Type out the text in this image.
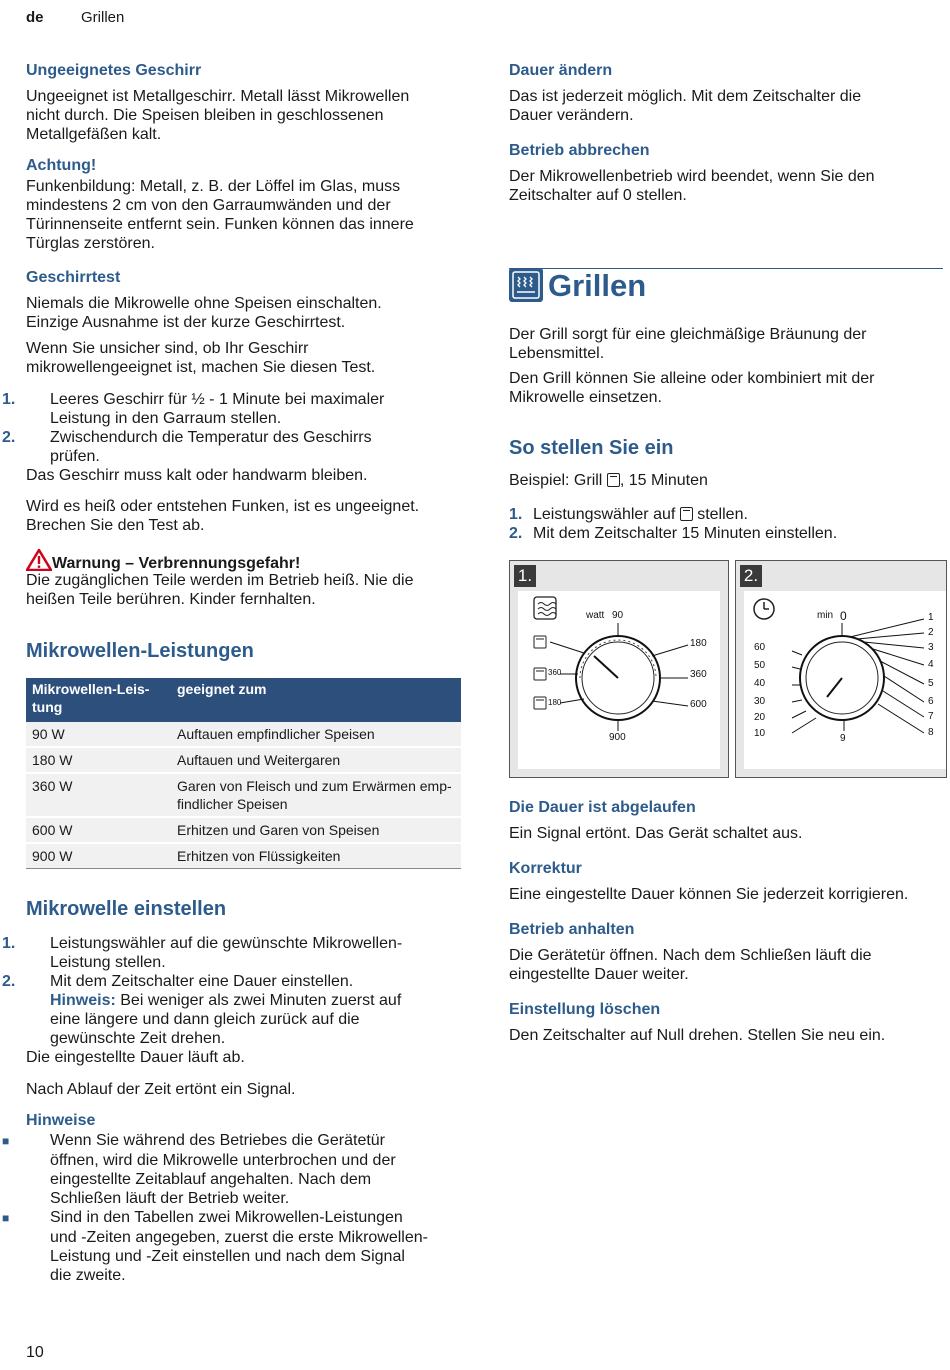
de Grillen
Ungeeignetes Geschirr
Ungeeignet ist Metallgeschirr. Metall lässt Mikrowellen
nicht durch. Die Speisen bleiben in geschlossenen
Metallgefäßen kalt.
Achtung!
Funkenbildung: Metall, z. B. der Löffel im Glas, muss
mindestens 2 cm von den Garraumwänden und der
Türinnenseite entfernt sein. Funken können das innere
Türglas zerstören.
Geschirrtest
Niemals die Mikrowelle ohne Speisen einschalten.
Einzige Ausnahme ist der kurze Geschirrtest.
Wenn Sie unsicher sind, ob Ihr Geschirr
mikrowellengeeignet ist, machen Sie diesen Test.
1. Leeres Geschirr für ½ - 1 Minute bei maximaler
Leistung in den Garraum stellen.
2. Zwischendurch die Temperatur des Geschirrs
prüfen.
Das Geschirr muss kalt oder handwarm bleiben.
Wird es heiß oder entstehen Funken, ist es ungeeignet.
Brechen Sie den Test ab.
Warnung – Verbrennungsgefahr!
Die zugänglichen Teile werden im Betrieb heiß. Nie die
heißen Teile berühren. Kinder fernhalten.
Mikrowellen-Leistungen
Mikrowellen-Leis-
tung	geeignet zum
90 W	Auftauen empfindlicher Speisen
180 W	Auftauen und Weitergaren
360 W	Garen von Fleisch und zum Erwärmen emp-
findlicher Speisen
600 W	Erhitzen und Garen von Speisen
900 W	Erhitzen von Flüssigkeiten
Mikrowelle einstellen
1. Leistungswähler auf die gewünschte Mikrowellen-
Leistung stellen.
2. Mit dem Zeitschalter eine Dauer einstellen.
Hinweis: Bei weniger als zwei Minuten zuerst auf
eine längere und dann gleich zurück auf die
gewünschte Zeit drehen.
Die eingestellte Dauer läuft ab.
Nach Ablauf der Zeit ertönt ein Signal.
Hinweise
■	Wenn Sie während des Betriebes die Gerätetür
öffnen, wird die Mikrowelle unterbrochen und der
eingestellte Zeitablauf angehalten. Nach dem
Schließen läuft der Betrieb weiter.
■	Sind in den Tabellen zwei Mikrowellen-Leistungen
und -Zeiten angegeben, zuerst die erste Mikrowellen-
Leistung und -Zeit einstellen und nach dem Signal
die zweite.
Dauer ändern
Das ist jederzeit möglich. Mit dem Zeitschalter die
Dauer verändern.
Betrieb abbrechen
Der Mikrowellenbetrieb wird beendet, wenn Sie den
Zeitschalter auf 0 stellen.
Grillen
Der Grill sorgt für eine gleichmäßige Bräunung der
Lebensmittel.
Den Grill können Sie alleine oder kombiniert mit der
Mikrowelle einsetzen.
So stellen Sie ein
Beispiel: Grill , 15 Minuten
1. Leistungswähler auf  stellen.
2. Mit dem Zeitschalter 15 Minuten einstellen.
1.
watt 90
180
360
600
900
360
180
2.
min 0
60
50
40
30
20
10
1
2
3
4
5
6
7
8
9
Die Dauer ist abgelaufen
Ein Signal ertönt. Das Gerät schaltet aus.
Korrektur
Eine eingestellte Dauer können Sie jederzeit korrigieren.
Betrieb anhalten
Die Gerätetür öffnen. Nach dem Schließen läuft die
eingestellte Dauer weiter.
Einstellung löschen
Den Zeitschalter auf Null drehen. Stellen Sie neu ein.
10
